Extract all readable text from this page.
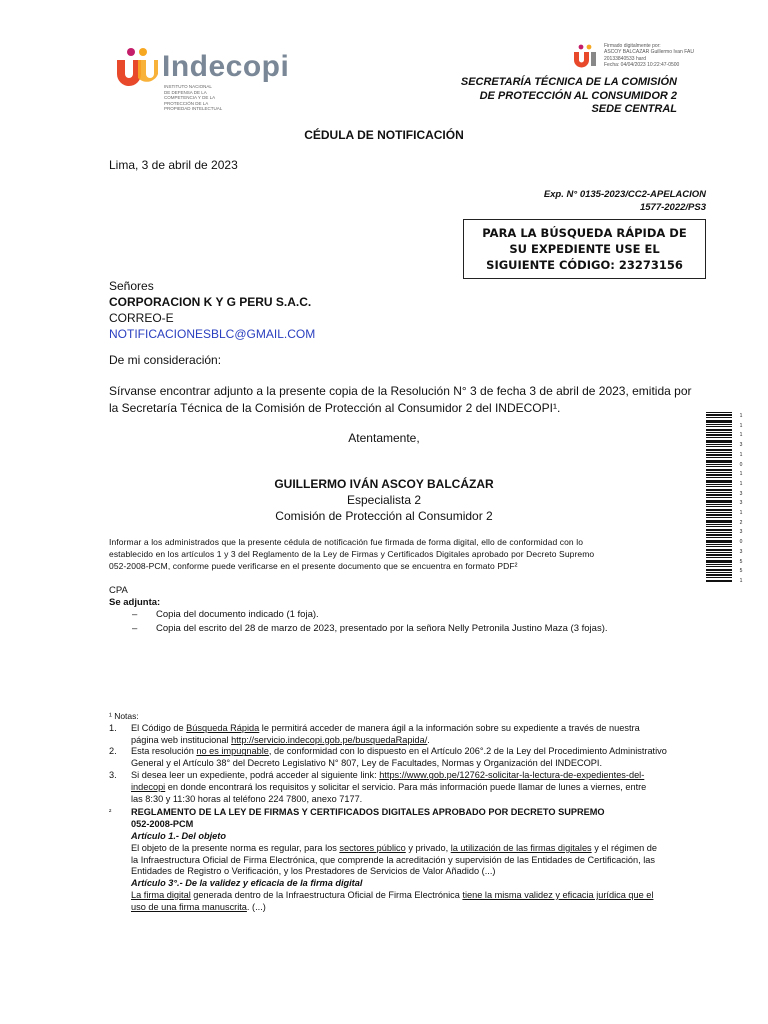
Indecopi
INSTITUTO NACIONAL
DE DEFENSA DE LA
COMPETENCIA Y DE LA
PROTECCIÓN DE LA
PROPIEDAD INTELECTUAL
Firmado digitalmente por:
ASCOY BALCAZAR Guillermo Ivan FAU
20133840533 hard
Fecha: 04/04/2023 10:22:47-0500
SECRETARÍA TÉCNICA DE LA COMISIÓN
DE PROTECCIÓN AL CONSUMIDOR 2
SEDE CENTRAL
CÉDULA DE NOTIFICACIÓN
Lima, 3 de abril de 2023
Exp. N° 0135-2023/CC2-APELACION
1577-2022/PS3
PARA LA BÚSQUEDA RÁPIDA DE
SU EXPEDIENTE USE EL
SIGUIENTE CÓDIGO: 23273156
Señores
CORPORACION K Y G PERU S.A.C.
CORREO-E
NOTIFICACIONESBLC@GMAIL.COM
De mi consideración:
Sírvanse encontrar adjunto a la presente copia de la Resolución N° 3 de fecha 3 de abril de 2023, emitida por
la Secretaría Técnica de la Comisión de Protección al Consumidor 2 del INDECOPI¹.
Atentamente,
GUILLERMO IVÁN ASCOY BALCÁZAR
Especialista 2
Comisión de Protección al Consumidor 2
Informar a los administrados que la presente cédula de notificación fue firmada de forma digital, ello de conformidad con lo
establecido en los artículos 1 y 3 del Reglamento de la Ley de Firmas y Certificados Digitales aprobado por Decreto Supremo
052-2008-PCM, conforme puede verificarse en el presente documento que se encuentra en formato PDF²
CPA
Se adjunta:
– Copia del documento indicado (1 foja).
– Copia del escrito del 28 de marzo de 2023, presentado por la señora Nelly Petronila Justino Maza (3 fojas).
¹ Notas:
1. El Código de Búsqueda Rápida le permitirá acceder de manera ágil a la información sobre su expediente a través de nuestra
página web institucional http://servicio.indecopi.gob.pe/busquedaRapida/.
2. Esta resolución no es impugnable, de conformidad con lo dispuesto en el Artículo 206°.2 de la Ley del Procedimiento Administrativo
General y el Artículo 38° del Decreto Legislativo N° 807, Ley de Facultades, Normas y Organización del INDECOPI.
3. Si desea leer un expediente, podrá acceder al siguiente link: https://www.gob.pe/12762-solicitar-la-lectura-de-expedientes-del-
indecopi en donde encontrará los requisitos y solicitar el servicio. Para más información puede llamar de lunes a viernes, entre
las 8:30 y 11:30 horas al teléfono 224 7800, anexo 7177.
² REGLAMENTO DE LA LEY DE FIRMAS Y CERTIFICADOS DIGITALES APROBADO POR DECRETO SUPREMO
052-2008-PCM
Artículo 1.- Del objeto
El objeto de la presente norma es regular, para los sectores público y privado, la utilización de las firmas digitales y el régimen de
la Infraestructura Oficial de Firma Electrónica, que comprende la acreditación y supervisión de las Entidades de Certificación, las
Entidades de Registro o Verificación, y los Prestadores de Servicios de Valor Añadido (...)
Artículo 3°.- De la validez y eficacia de la firma digital
La firma digital generada dentro de la Infraestructura Oficial de Firma Electrónica tiene la misma validez y eficacia jurídica que el
uso de una firma manuscrita. (...)
1
1
1
3
1
0
1
1
3
3
1
2
3
0
3
5
5
1
